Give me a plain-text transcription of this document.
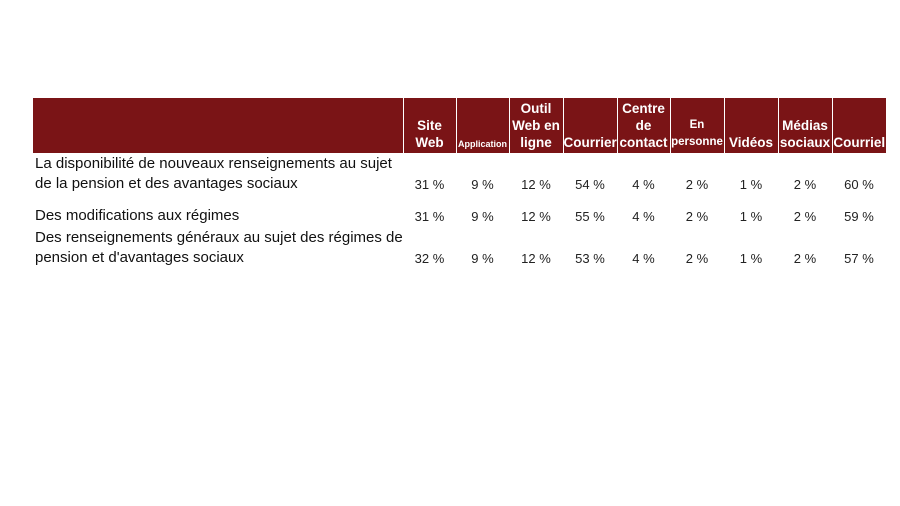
	Site Web	Application	Outil Web en ligne	Courrier	Centre de contact	En personne	Vidéos	Médias sociaux	Courriel
La disponibilité de nouveaux renseignements au sujet de la pension et des avantages sociaux	31 %	9 %	12 %	54 %	4 %	2 %	1 %	2 %	60 %
Des modifications aux régimes	31 %	9 %	12 %	55 %	4 %	2 %	1 %	2 %	59 %
Des renseignements généraux au sujet des régimes de pension et d'avantages sociaux	32 %	9 %	12 %	53 %	4 %	2 %	1 %	2 %	57 %
